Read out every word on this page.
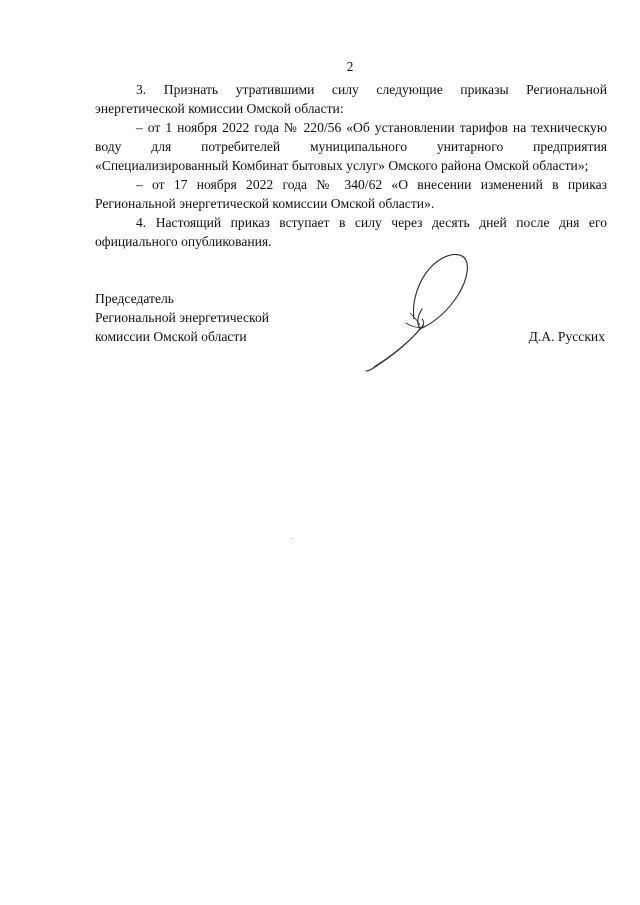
2

3. Признать утратившими силу следующие приказы Региональной энергетической комиссии Омской области:

– от 1 ноября 2022 года № 220/56 «Об установлении тарифов на техническую воду для потребителей муниципального унитарного предприятия «Специализированный Комбинат бытовых услуг» Омского района Омской области»;

– от 17 ноября 2022 года № 340/62 «О внесении изменений в приказ Региональной энергетической комиссии Омской области».

4. Настоящий приказ вступает в силу через десять дней после дня его официального опубликования.

Председатель
Региональной энергетической
комиссии Омской области	Д.А. Русских
